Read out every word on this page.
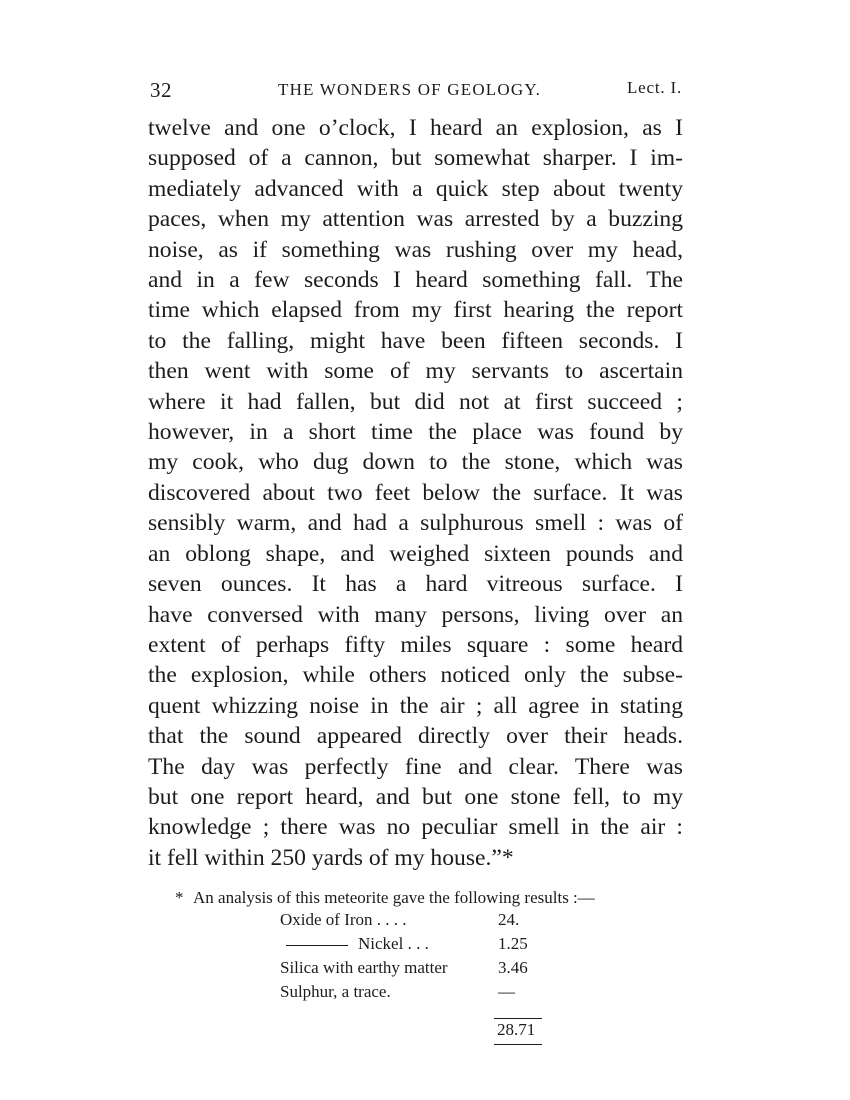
32	THE WONDERS OF GEOLOGY.	Lect. I.
twelve and one o’clock, I heard an explosion, as I
supposed of a cannon, but somewhat sharper. I im-
mediately advanced with a quick step about twenty
paces, when my attention was arrested by a buzzing
noise, as if something was rushing over my head,
and in a few seconds I heard something fall. The
time which elapsed from my first hearing the report
to the falling, might have been fifteen seconds. I
then went with some of my servants to ascertain
where it had fallen, but did not at first succeed ;
however, in a short time the place was found by
my cook, who dug down to the stone, which was
discovered about two feet below the surface. It was
sensibly warm, and had a sulphurous smell : was of
an oblong shape, and weighed sixteen pounds and
seven ounces. It has a hard vitreous surface. I
have conversed with many persons, living over an
extent of perhaps fifty miles square : some heard
the explosion, while others noticed only the subse-
quent whizzing noise in the air ; all agree in stating
that the sound appeared directly over their heads.
The day was perfectly fine and clear. There was
but one report heard, and but one stone fell, to my
knowledge ; there was no peculiar smell in the air :
it fell within 250 yards of my house.”*
* An analysis of this meteorite gave the following results :—
Oxide of Iron . . . .	24.
Nickel . . .	1.25
Silica with earthy matter	3.46
Sulphur, a trace.	—
28.71
